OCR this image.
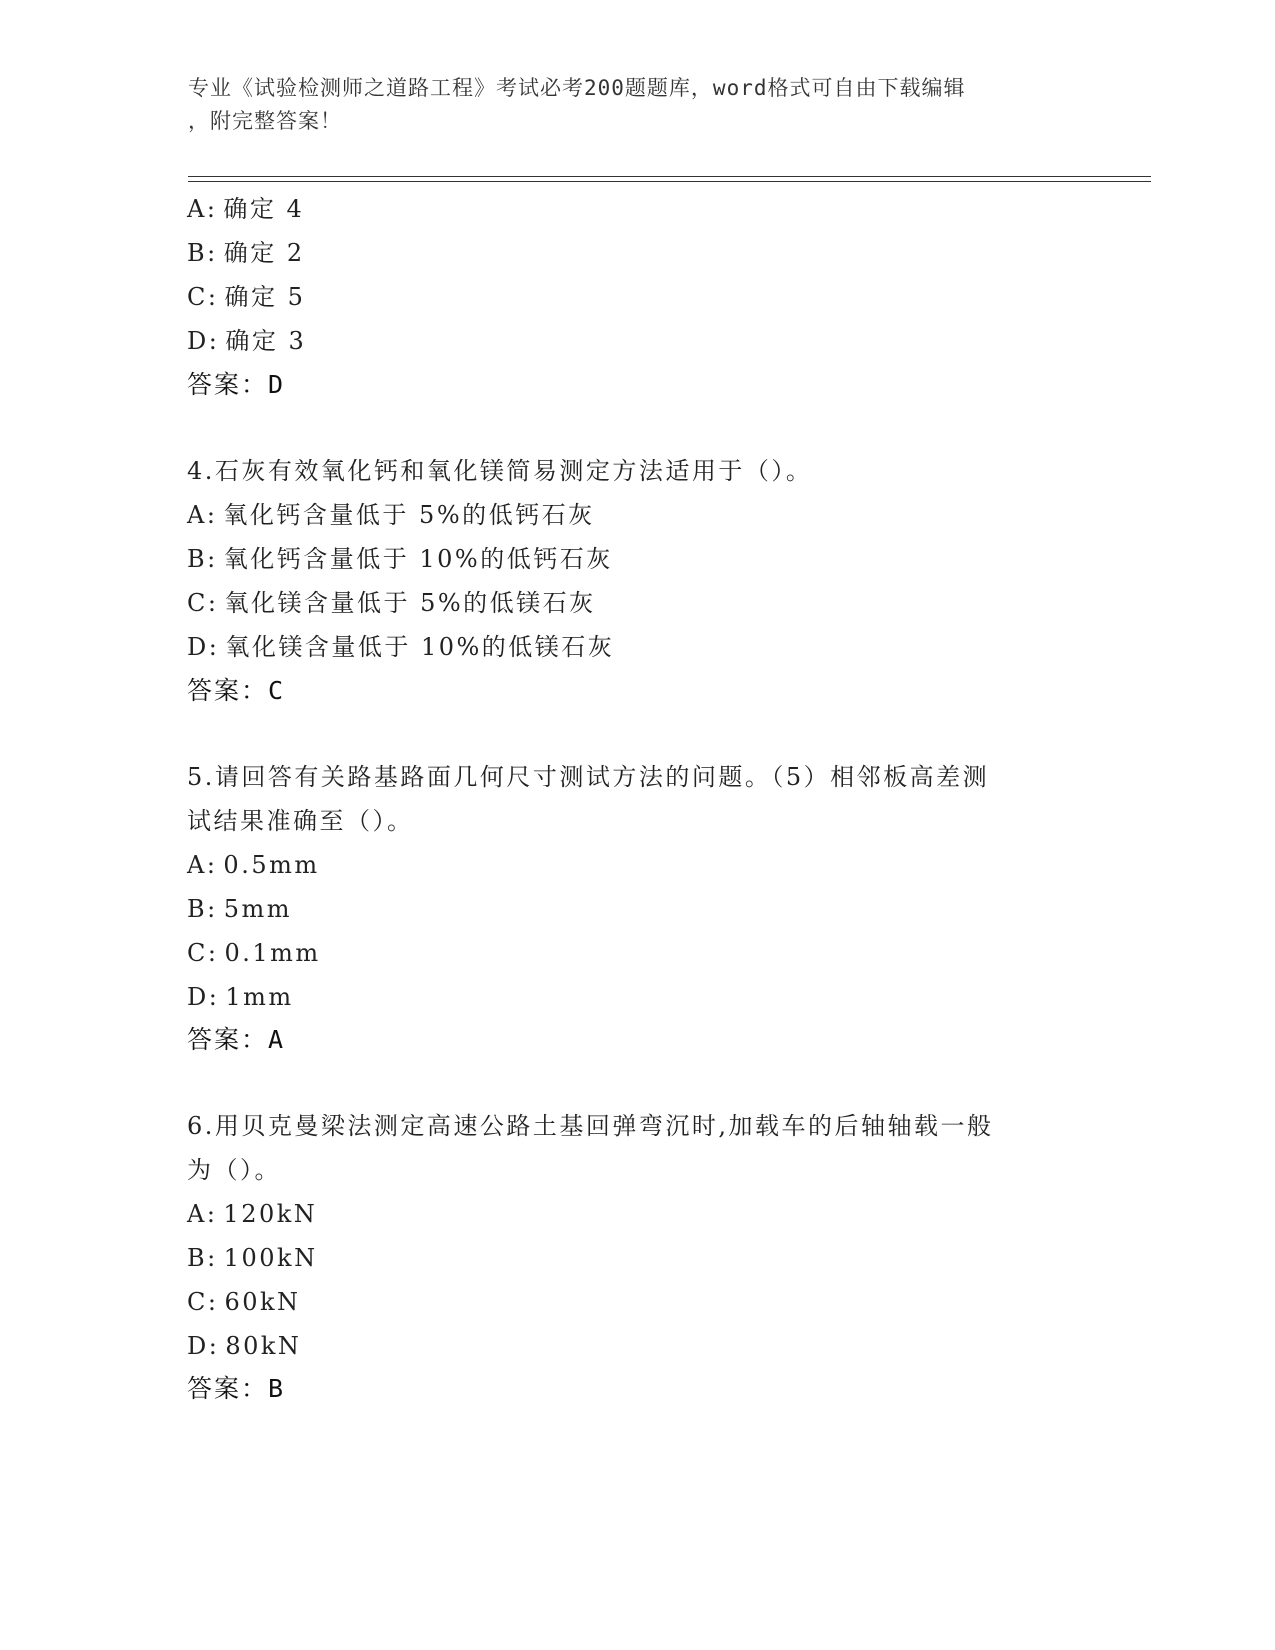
专业《试验检测师之道路工程》考试必考200题题库，word格式可自由下载编辑
，附完整答案！
A: 确定 4
B: 确定 2
C: 确定 5
D: 确定 3
答案：D
4.石灰有效氧化钙和氧化镁简易测定方法适用于（）。
A: 氧化钙含量低于 5%的低钙石灰
B: 氧化钙含量低于 10%的低钙石灰
C: 氧化镁含量低于 5%的低镁石灰
D: 氧化镁含量低于 10%的低镁石灰
答案：C
5.请回答有关路基路面几何尺寸测试方法的问题。（5）相邻板高差测
试结果准确至（）。
A: 0.5mm
B: 5mm
C: 0.1mm
D: 1mm
答案：A
6.用贝克曼梁法测定高速公路土基回弹弯沉时,加载车的后轴轴载一般
为（）。
A: 120kN
B: 100kN
C: 60kN
D: 80kN
答案：B
